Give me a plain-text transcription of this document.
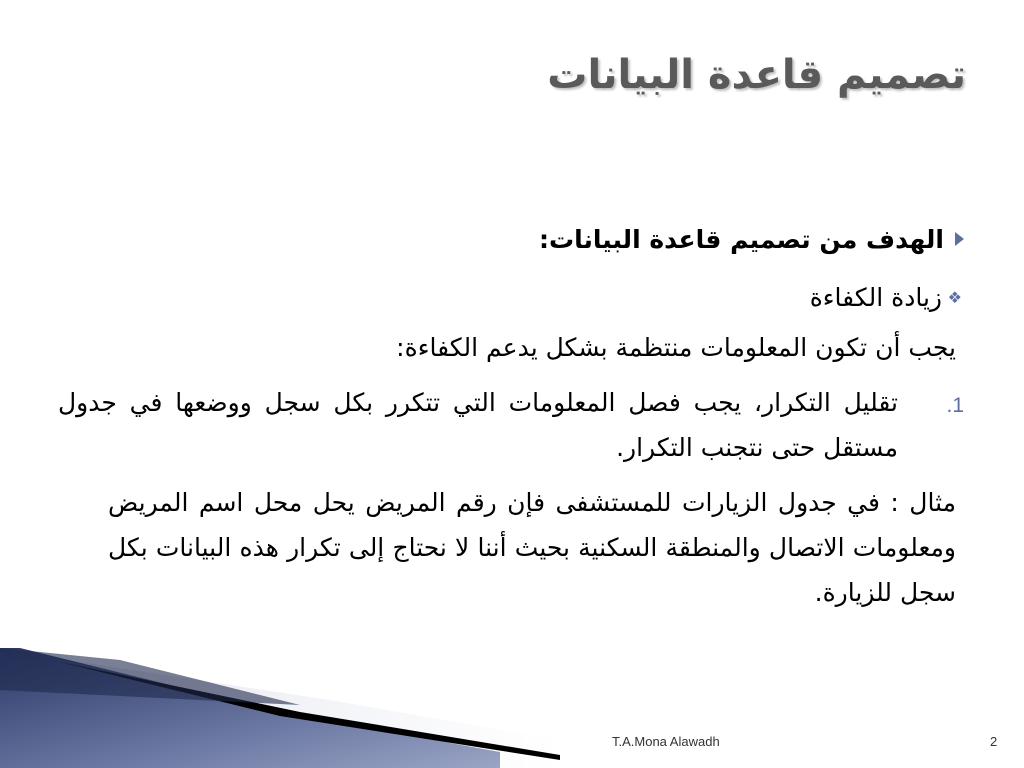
تصميم قاعدة البيانات
الهدف من تصميم قاعدة البيانات:
❖
زيادة الكفاءة
يجب أن تكون المعلومات منتظمة بشكل يدعم الكفاءة:
1.

تقليل التكرار، يجب فصل المعلومات التي تتكرر بكل سجل ووضعها في جدول مستقل حتى نتجنب التكرار.

مثال : في جدول الزيارات للمستشفى فإن رقم المريض يحل محل اسم المريض ومعلومات الاتصال والمنطقة السكنية بحيث أننا لا نحتاج إلى تكرار هذه البيانات بكل سجل للزيارة.

T.A.Mona Alawadh	2
